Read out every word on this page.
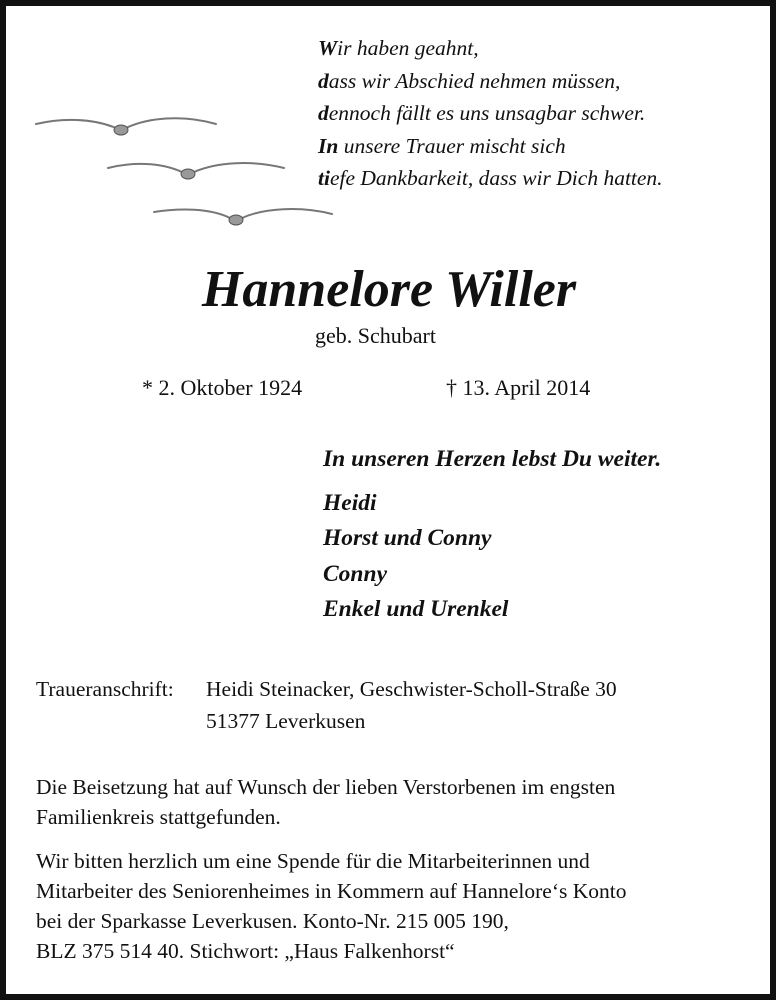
Wir haben geahnt,
dass wir Abschied nehmen müssen,
dennoch fällt es uns unsagbar schwer.
In unsere Trauer mischt sich
tiefe Dankbarkeit, dass wir Dich hatten.
Hannelore Willer
geb. Schubart
* 2. Oktober 1924	† 13. April 2014
In unseren Herzen lebst Du weiter.
Heidi
Horst und Conny
Conny
Enkel und Urenkel
Traueranschrift: Heidi Steinacker, Geschwister-Scholl-Straße 30
51377 Leverkusen
Die Beisetzung hat auf Wunsch der lieben Verstorbenen im engsten
Familienkreis stattgefunden.
Wir bitten herzlich um eine Spende für die Mitarbeiterinnen und
Mitarbeiter des Seniorenheimes in Kommern auf Hannelore‘s Konto
bei der Sparkasse Leverkusen. Konto-Nr. 215 005 190,
BLZ 375 514 40. Stichwort: „Haus Falkenhorst“
